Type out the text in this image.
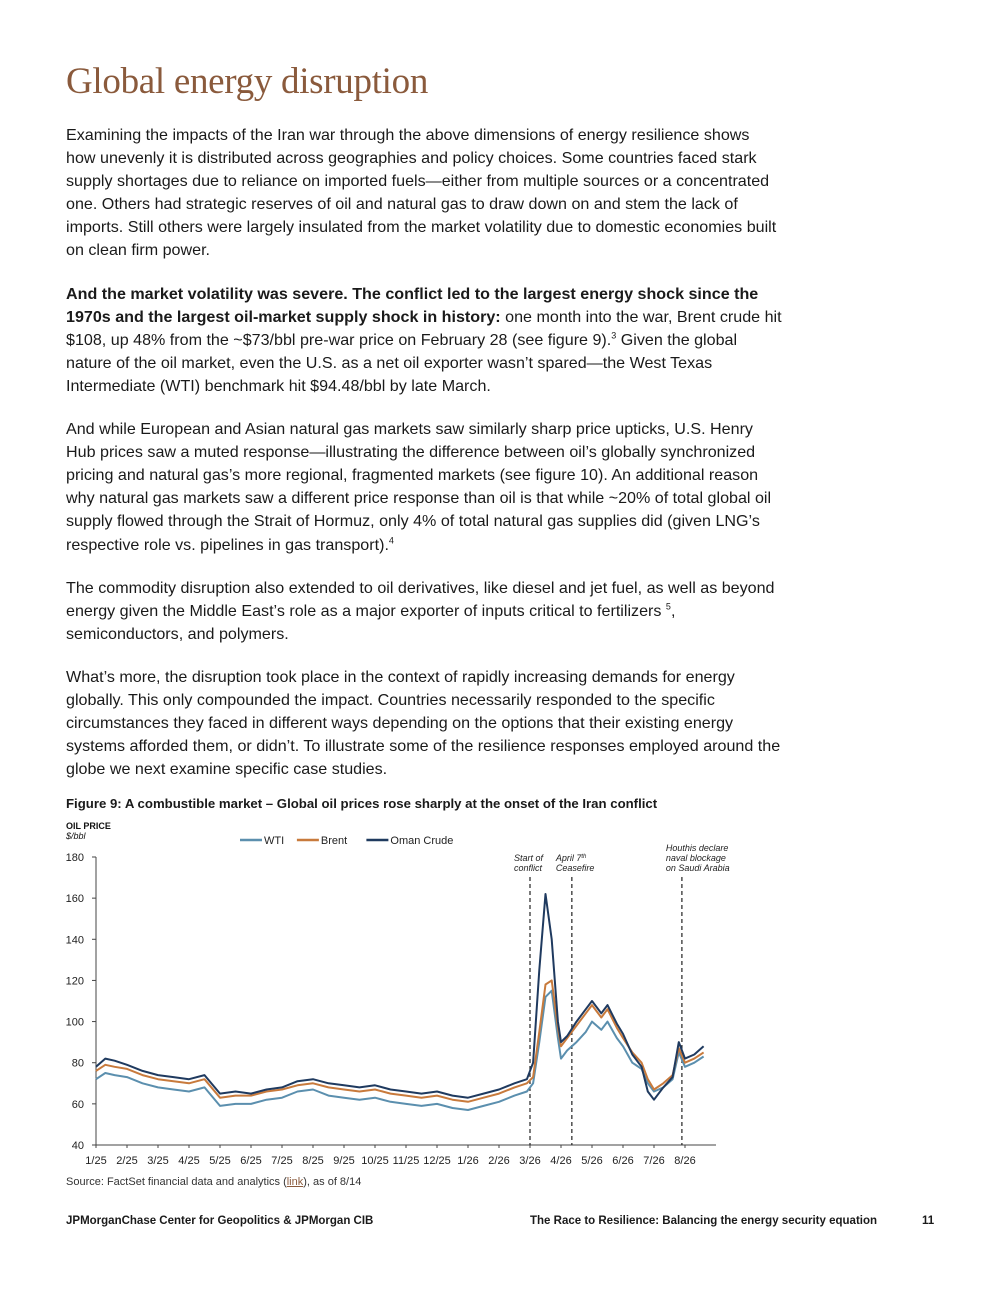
Global energy disruption

Examining the impacts of the Iran war through the above dimensions of energy resilience shows how unevenly it is distributed across geographies and policy choices. Some countries faced stark supply shortages due to reliance on imported fuels—either from multiple sources or a concentrated one. Others had strategic reserves of oil and natural gas to draw down on and stem the lack of imports. Still others were largely insulated from the market volatility due to domestic economies built on clean firm power.

And the market volatility was severe. The conflict led to the largest energy shock since the 1970s and the largest oil-market supply shock in history: one month into the war, Brent crude hit $108, up 48% from the ~$73/bbl pre-war price on February 28 (see figure 9).$^3$ Given the global nature of the oil market, even the U.S. as a net oil exporter wasn’t spared—the West Texas Intermediate (WTI) benchmark hit $94.48/bbl by late March.

And while European and Asian natural gas markets saw similarly sharp price upticks, U.S. Henry Hub prices saw a muted response—illustrating the difference between oil’s globally synchronized pricing and natural gas’s more regional, fragmented markets (see figure 10). An additional reason why natural gas markets saw a different price response than oil is that while ~20% of total global oil supply flowed through the Strait of Hormuz, only 4% of total natural gas supplies did (given LNG’s respective role vs. pipelines in gas transport).$^4$

The commodity disruption also extended to oil derivatives, like diesel and jet fuel, as well as beyond energy given the Middle East’s role as a major exporter of inputs critical to fertilizers $^5$, semiconductors, and polymers.

What’s more, the disruption took place in the context of rapidly increasing demands for energy globally. This only compounded the impact. Countries necessarily responded to the specific circumstances they faced in different ways depending on the options that their existing energy systems afforded them, or didn’t. To illustrate some of the resilience responses employed around the globe we next examine specific case studies.

Figure 9: A combustible market – Global oil prices rose sharply at the onset of the Iran conflict

OIL PRICE
$/bbl
40
60
80
100
120
140
160
180
1/25 2/25 3/25 4/25 5/25 6/25 7/25 8/25 9/25 10/25 11/25 12/25 1/26 2/26 3/26 4/26 5/26 6/26 7/26 8/26
Start of
conflict
April 7th
Ceasefire
Houthis declare
naval blockage
on Saudi Arabia
WTI	Brent	Oman Crude
Source: FactSet financial data and analytics (link), as of 8/14
JPMorganChase Center for Geopolitics & JPMorgan CIB	The Race to Resilience: Balancing the energy security equation	11
